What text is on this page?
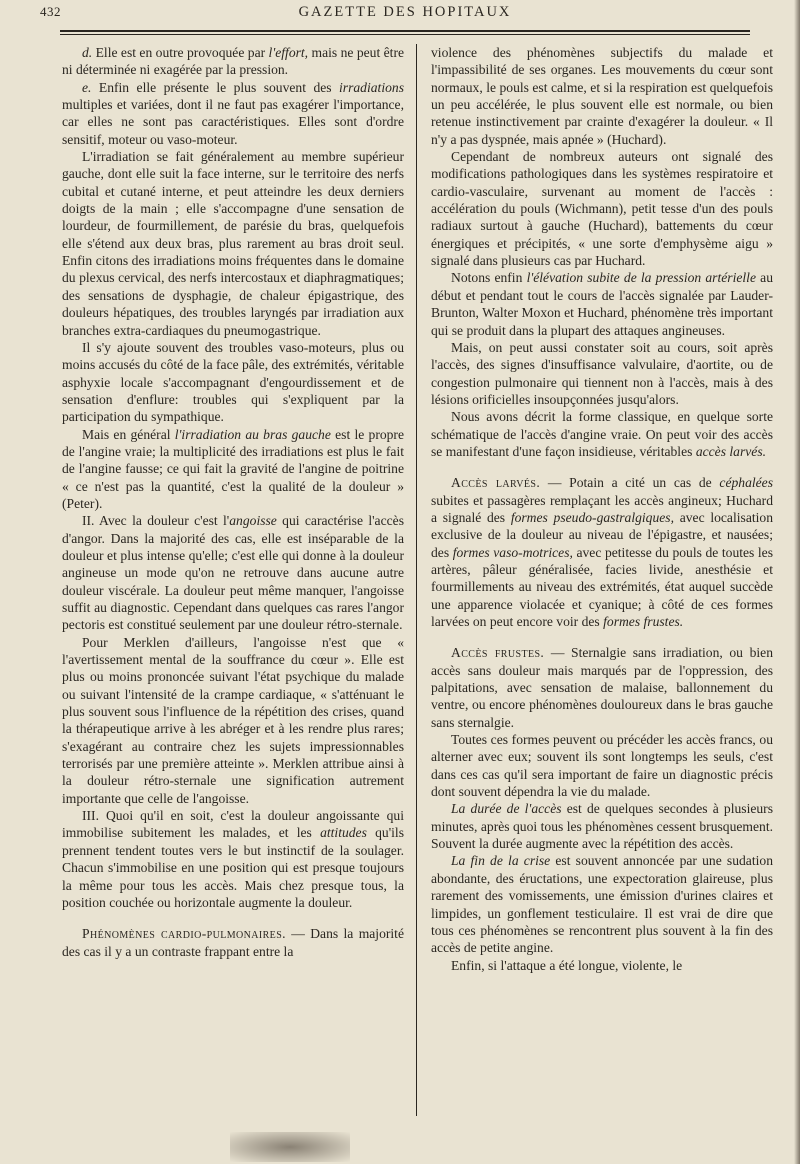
432	GAZETTE DES HOPITAUX

d. Elle est en outre provoquée par l'effort, mais ne peut être ni déterminée ni exagérée par la pression.

e. Enfin elle présente le plus souvent des irradiations multiples et variées, dont il ne faut pas exagérer l'importance, car elles ne sont pas caractéristiques. Elles sont d'ordre sensitif, moteur ou vaso-moteur.

L'irradiation se fait généralement au membre supérieur gauche, dont elle suit la face interne, sur le territoire des nerfs cubital et cutané interne, et peut atteindre les deux derniers doigts de la main ; elle s'accompagne d'une sensation de lourdeur, de fourmillement, de parésie du bras, quelquefois elle s'étend aux deux bras, plus rarement au bras droit seul. Enfin citons des irradiations moins fréquentes dans le domaine du plexus cervical, des nerfs intercostaux et diaphragmatiques; des sensations de dysphagie, de chaleur épigastrique, des douleurs hépatiques, des troubles laryngés par irradiation aux branches extra-cardiaques du pneumogastrique.

Il s'y ajoute souvent des troubles vaso-moteurs, plus ou moins accusés du côté de la face pâle, des extrémités, véritable asphyxie locale s'accompagnant d'engourdissement et de sensation d'enflure: troubles qui s'expliquent par la participation du sympathique.

Mais en général l'irradiation au bras gauche est le propre de l'angine vraie; la multiplicité des irradiations est plus le fait de l'angine fausse; ce qui fait la gravité de l'angine de poitrine « ce n'est pas la quantité, c'est la qualité de la douleur » (Peter).

II. Avec la douleur c'est l'angoisse qui caractérise l'accès d'angor. Dans la majorité des cas, elle est inséparable de la douleur et plus intense qu'elle; c'est elle qui donne à la douleur angineuse un mode qu'on ne retrouve dans aucune autre douleur viscérale. La douleur peut même manquer, l'angoisse suffit au diagnostic. Cependant dans quelques cas rares l'angor pectoris est constitué seulement par une douleur rétro-sternale.

Pour Merklen d'ailleurs, l'angoisse n'est que « l'avertissement mental de la souffrance du cœur ». Elle est plus ou moins prononcée suivant l'état psychique du malade ou suivant l'intensité de la crampe cardiaque, « s'atténuant le plus souvent sous l'influence de la répétition des crises, quand la thérapeutique arrive à les abréger et à les rendre plus rares; s'exagérant au contraire chez les sujets impressionnables terrorisés par une première atteinte ». Merklen attribue ainsi à la douleur rétro-sternale une signification autrement importante que celle de l'angoisse.

III. Quoi qu'il en soit, c'est la douleur angoissante qui immobilise subitement les malades, et les attitudes qu'ils prennent tendent toutes vers le but instinctif de la soulager. Chacun s'immobilise en une position qui est presque toujours la même pour tous les accès. Mais chez presque tous, la position couchée ou horizontale augmente la douleur.

Phénomènes cardio-pulmonaires. — Dans la majorité des cas il y a un contraste frappant entre la

violence des phénomènes subjectifs du malade et l'impassibilité de ses organes. Les mouvements du cœur sont normaux, le pouls est calme, et si la respiration est quelquefois un peu accélérée, le plus souvent elle est normale, ou bien retenue instinctivement par crainte d'exagérer la douleur. « Il n'y a pas dyspnée, mais apnée » (Huchard).

Cependant de nombreux auteurs ont signalé des modifications pathologiques dans les systèmes respiratoire et cardio-vasculaire, survenant au moment de l'accès : accélération du pouls (Wichmann), petit tesse d'un des pouls radiaux surtout à gauche (Huchard), battements du cœur énergiques et précipités, « une sorte d'emphysème aigu » signalé dans plusieurs cas par Huchard.

Notons enfin l'élévation subite de la pression artérielle au début et pendant tout le cours de l'accès signalée par Lauder-Brunton, Walter Moxon et Huchard, phénomène très important qui se produit dans la plupart des attaques angineuses.

Mais, on peut aussi constater soit au cours, soit après l'accès, des signes d'insuffisance valvulaire, d'aortite, ou de congestion pulmonaire qui tiennent non à l'accès, mais à des lésions orificielles insoupçonnées jusqu'alors.

Nous avons décrit la forme classique, en quelque sorte schématique de l'accès d'angine vraie. On peut voir des accès se manifestant d'une façon insidieuse, véritables accès larvés.

Accès larvés. — Potain a cité un cas de céphalées subites et passagères remplaçant les accès angineux; Huchard a signalé des formes pseudo-gastralgiques, avec localisation exclusive de la douleur au niveau de l'épigastre, et nausées; des formes vaso-motrices, avec petitesse du pouls de toutes les artères, pâleur généralisée, facies livide, anesthésie et fourmillements au niveau des extrémités, état auquel succède une apparence violacée et cyanique; à côté de ces formes larvées on peut encore voir des formes frustes.

Accès frustes. — Sternalgie sans irradiation, ou bien accès sans douleur mais marqués par de l'oppression, des palpitations, avec sensation de malaise, ballonnement du ventre, ou encore phénomènes douloureux dans le bras gauche sans sternalgie.

Toutes ces formes peuvent ou précéder les accès francs, ou alterner avec eux; souvent ils sont longtemps les seuls, c'est dans ces cas qu'il sera important de faire un diagnostic précis dont souvent dépendra la vie du malade.

La durée de l'accès est de quelques secondes à plusieurs minutes, après quoi tous les phénomènes cessent brusquement. Souvent la durée augmente avec la répétition des accès.

La fin de la crise est souvent annoncée par une sudation abondante, des éructations, une expectoration glaireuse, plus rarement des vomissements, une émission d'urines claires et limpides, un gonflement testiculaire. Il est vrai de dire que tous ces phénomènes se rencontrent plus souvent à la fin des accès de petite angine.

Enfin, si l'attaque a été longue, violente, le
